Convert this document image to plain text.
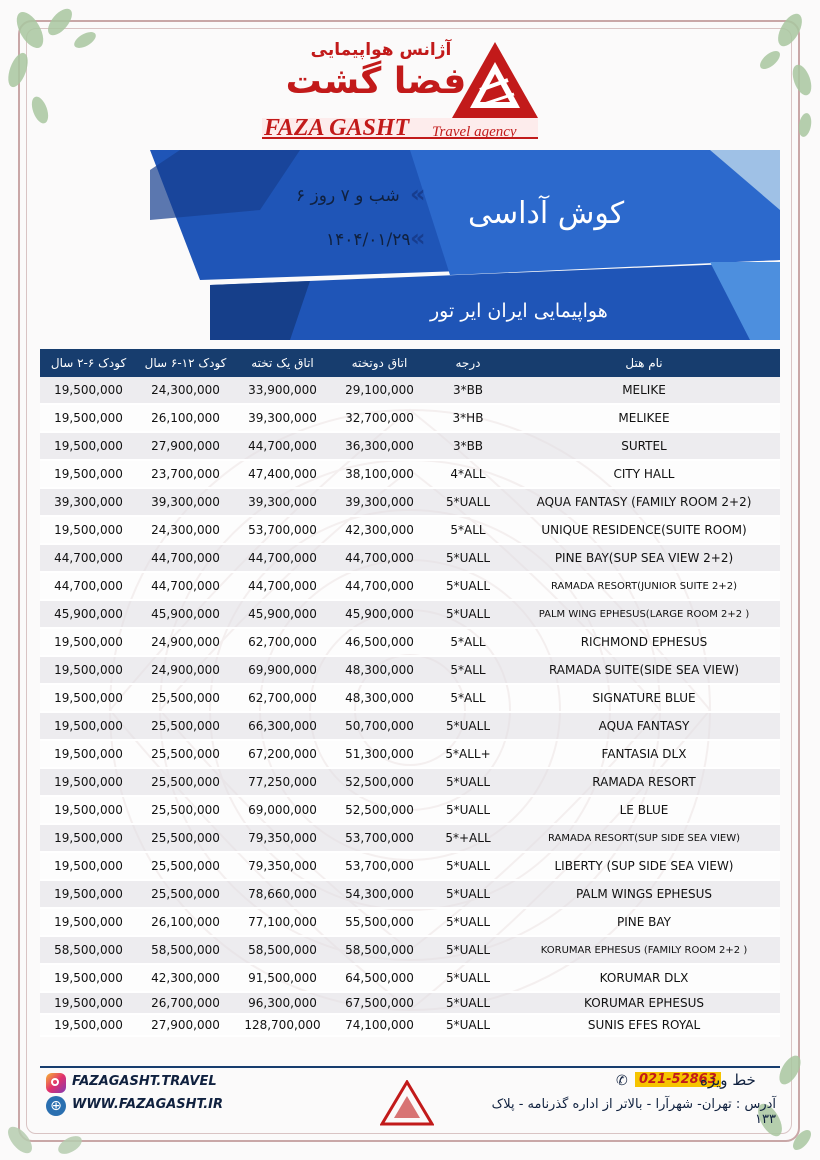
آژانس هواپیمایی
فضا گشت
FAZA GASHT Travel agency
کوش آداسی
«
۶ شب و ۷ روز
«
۱۴۰۴/۰۱/۲۹
هواپیمایی ایران ایر تور
کودک ۶-۲ سال	کودک ۱۲-۶ سال	اتاق یک تخته	اتاق دوتخته	درجه	نام هتل
19,500,000	24,300,000	33,900,000	29,100,000	3*BB	MELIKE
19,500,000	26,100,000	39,300,000	32,700,000	3*HB	MELIKEE
19,500,000	27,900,000	44,700,000	36,300,000	3*BB	SURTEL
19,500,000	23,700,000	47,400,000	38,100,000	4*ALL	CITY HALL
39,300,000	39,300,000	39,300,000	39,300,000	5*UALL	AQUA FANTASY (FAMILY ROOM 2+2)
19,500,000	24,300,000	53,700,000	42,300,000	5*ALL	UNIQUE RESIDENCE(SUITE ROOM)
44,700,000	44,700,000	44,700,000	44,700,000	5*UALL	PINE BAY(SUP SEA VIEW 2+2)
44,700,000	44,700,000	44,700,000	44,700,000	5*UALL	RAMADA RESORT(JUNIOR SUITE 2+2)
45,900,000	45,900,000	45,900,000	45,900,000	5*UALL	PALM WING EPHESUS(LARGE ROOM 2+2 )
19,500,000	24,900,000	62,700,000	46,500,000	5*ALL	RICHMOND EPHESUS
19,500,000	24,900,000	69,900,000	48,300,000	5*ALL	RAMADA SUITE(SIDE SEA VIEW)
19,500,000	25,500,000	62,700,000	48,300,000	5*ALL	SIGNATURE BLUE
19,500,000	25,500,000	66,300,000	50,700,000	5*UALL	AQUA FANTASY
19,500,000	25,500,000	67,200,000	51,300,000	5*ALL+	FANTASIA DLX
19,500,000	25,500,000	77,250,000	52,500,000	5*UALL	RAMADA RESORT
19,500,000	25,500,000	69,000,000	52,500,000	5*UALL	LE BLUE
19,500,000	25,500,000	79,350,000	53,700,000	5*+ALL	RAMADA RESORT(SUP SIDE SEA VIEW)
19,500,000	25,500,000	79,350,000	53,700,000	5*UALL	LIBERTY (SUP SIDE SEA VIEW)
19,500,000	25,500,000	78,660,000	54,300,000	5*UALL	PALM WINGS EPHESUS
19,500,000	26,100,000	77,100,000	55,500,000	5*UALL	PINE BAY
58,500,000	58,500,000	58,500,000	58,500,000	5*UALL	KORUMAR EPHESUS (FAMILY ROOM 2+2 )
19,500,000	42,300,000	91,500,000	64,500,000	5*UALL	KORUMAR DLX
19,500,000	26,700,000	96,300,000	67,500,000	5*UALL	KORUMAR EPHESUS
19,500,000	27,900,000	128,700,000	74,100,000	5*UALL	SUNIS EFES ROYAL
FAZAGASHT.TRAVEL
⊕ WWW.FAZAGASHT.IR
✆ 021-52863
خط ویژه
آدرس : تهران- شهرآرا - بالاتر از اداره گذرنامه - پلاک ۱۳۳
